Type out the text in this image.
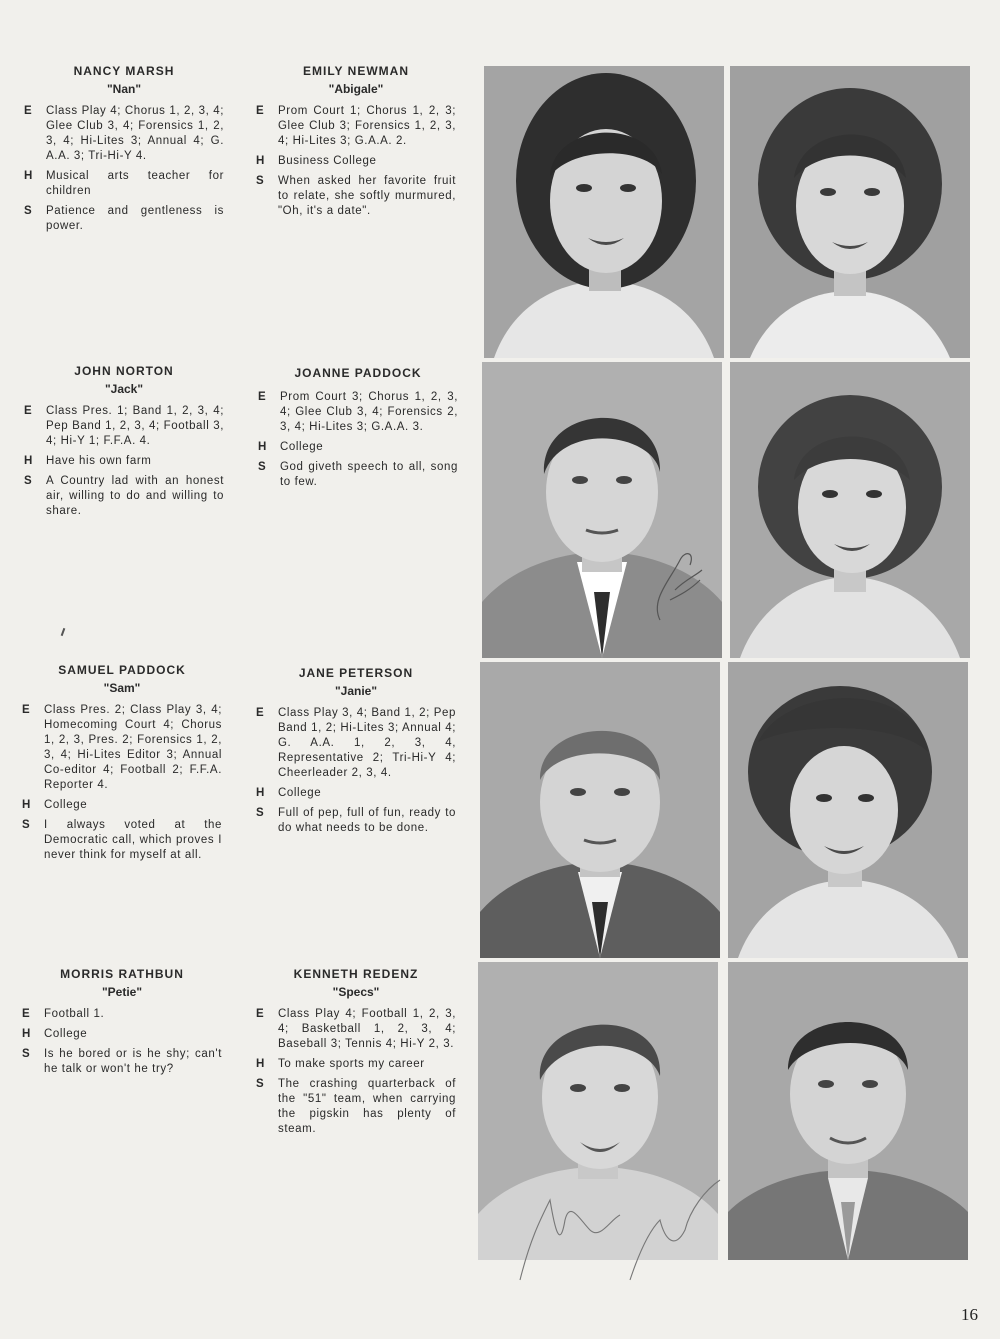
NANCY MARSH
"Nan"
E	Class Play 4; Chorus 1, 2, 3, 4; Glee Club 3, 4; Forensics 1, 2, 3, 4; Hi-Lites 3; Annual 4; G. A.A. 3; Tri-Hi-Y 4.
H	Musical arts teacher for children
S	Patience and gentleness is power.
EMILY NEWMAN
"Abigale"
E	Prom Court 1; Chorus 1, 2, 3; Glee Club 3; Forensics 1, 2, 3, 4; Hi-Lites 3; G.A.A. 2.
H	Business College
S	When asked her favorite fruit to relate, she softly murmured, "Oh, it's a date".
JOHN NORTON
"Jack"
E	Class Pres. 1; Band 1, 2, 3, 4; Pep Band 1, 2, 3, 4; Football 3, 4; Hi-Y 1; F.F.A. 4.
H	Have his own farm
S	A Country lad with an honest air, willing to do and willing to share.
JOANNE PADDOCK
E	Prom Court 3; Chorus 1, 2, 3, 4; Glee Club 3, 4; Forensics 2, 3, 4; Hi-Lites 3; G.A.A. 3.
H	College
S	God giveth speech to all, song to few.
SAMUEL PADDOCK
"Sam"
E	Class Pres. 2; Class Play 3, 4; Homecoming Court 4; Chorus 1, 2, 3, Pres. 2; Forensics 1, 2, 3, 4; Hi-Lites Editor 3; Annual Co-editor 4; Football 2; F.F.A. Reporter 4.
H	College
S	I always voted at the Democratic call, which proves I never think for myself at all.
JANE PETERSON
"Janie"
E	Class Play 3, 4; Band 1, 2; Pep Band 1, 2; Hi-Lites 3; Annual 4; G. A.A. 1, 2, 3, 4, Representative 2; Tri-Hi-Y 4; Cheerleader 2, 3, 4.
H	College
S	Full of pep, full of fun, ready to do what needs to be done.
MORRIS RATHBUN
"Petie"
E	Football 1.
H	College
S	Is he bored or is he shy; can't he talk or won't he try?
KENNETH REDENZ
"Specs"
E	Class Play 4; Football 1, 2, 3, 4; Basketball 1, 2, 3, 4; Baseball 3; Tennis 4; Hi-Y 2, 3.
H	To make sports my career
S	The crashing quarterback of the "51" team, when carrying the pigskin has plenty of steam.
16
